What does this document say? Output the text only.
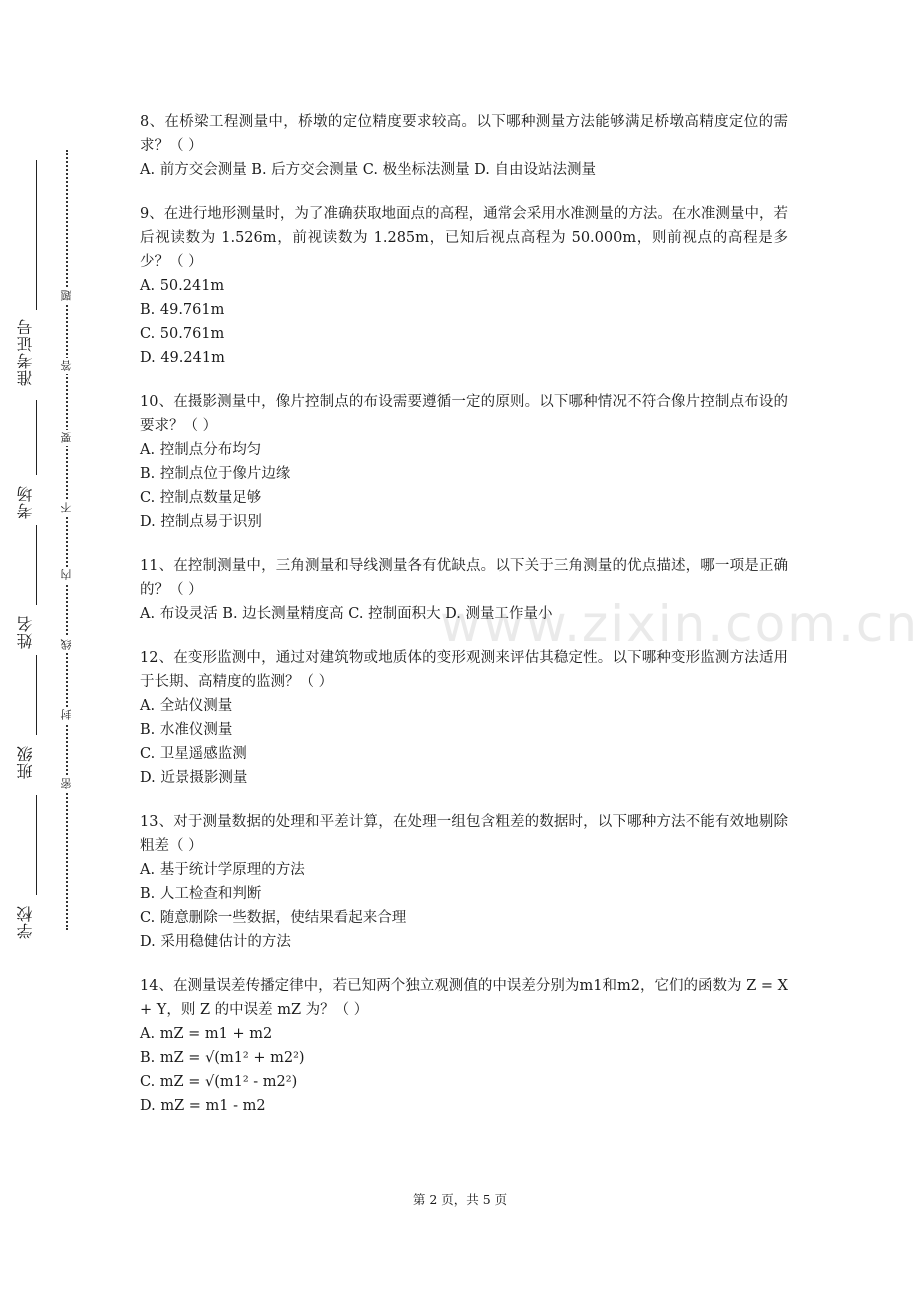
学校
班级
姓名
考场
准考证号
题
答
要
不
内
线
封
密

8、在桥梁工程测量中，桥墩的定位精度要求较高。以下哪种测量方法能够满足桥墩高精度定位的需求？（ ）

A. 前方交会测量 B. 后方交会测量 C. 极坐标法测量 D. 自由设站法测量

9、在进行地形测量时，为了准确获取地面点的高程，通常会采用水准测量的方法。在水准测量中，若后视读数为 1.526m，前视读数为 1.285m，已知后视点高程为 50.000m，则前视点的高程是多少？（ ）

A. 50.241m

B. 49.761m

C. 50.761m

D. 49.241m

10、在摄影测量中，像片控制点的布设需要遵循一定的原则。以下哪种情况不符合像片控制点布设的要求？（ ）

A. 控制点分布均匀

B. 控制点位于像片边缘

C. 控制点数量足够

D. 控制点易于识别

11、在控制测量中，三角测量和导线测量各有优缺点。以下关于三角测量的优点描述，哪一项是正确的？（ ）

A. 布设灵活 B. 边长测量精度高 C. 控制面积大 D. 测量工作量小

12、在变形监测中，通过对建筑物或地质体的变形观测来评估其稳定性。以下哪种变形监测方法适用于长期、高精度的监测？（ ）

A. 全站仪测量

B. 水准仪测量

C. 卫星遥感监测

D. 近景摄影测量

13、对于测量数据的处理和平差计算，在处理一组包含粗差的数据时，以下哪种方法不能有效地剔除粗差（ ）

A. 基于统计学原理的方法

B. 人工检查和判断

C. 随意删除一些数据，使结果看起来合理

D. 采用稳健估计的方法

14、在测量误差传播定律中，若已知两个独立观测值的中误差分别为m1和m2，它们的函数为 Z = X + Y，则 Z 的中误差 mZ 为？（ ）

A. mZ = m1 + m2

B. mZ = √(m1² + m2²)

C. mZ = √(m1² - m2²)

D. mZ = m1 - m2

www.zixin.com.cn
第 2 页，共 5 页
